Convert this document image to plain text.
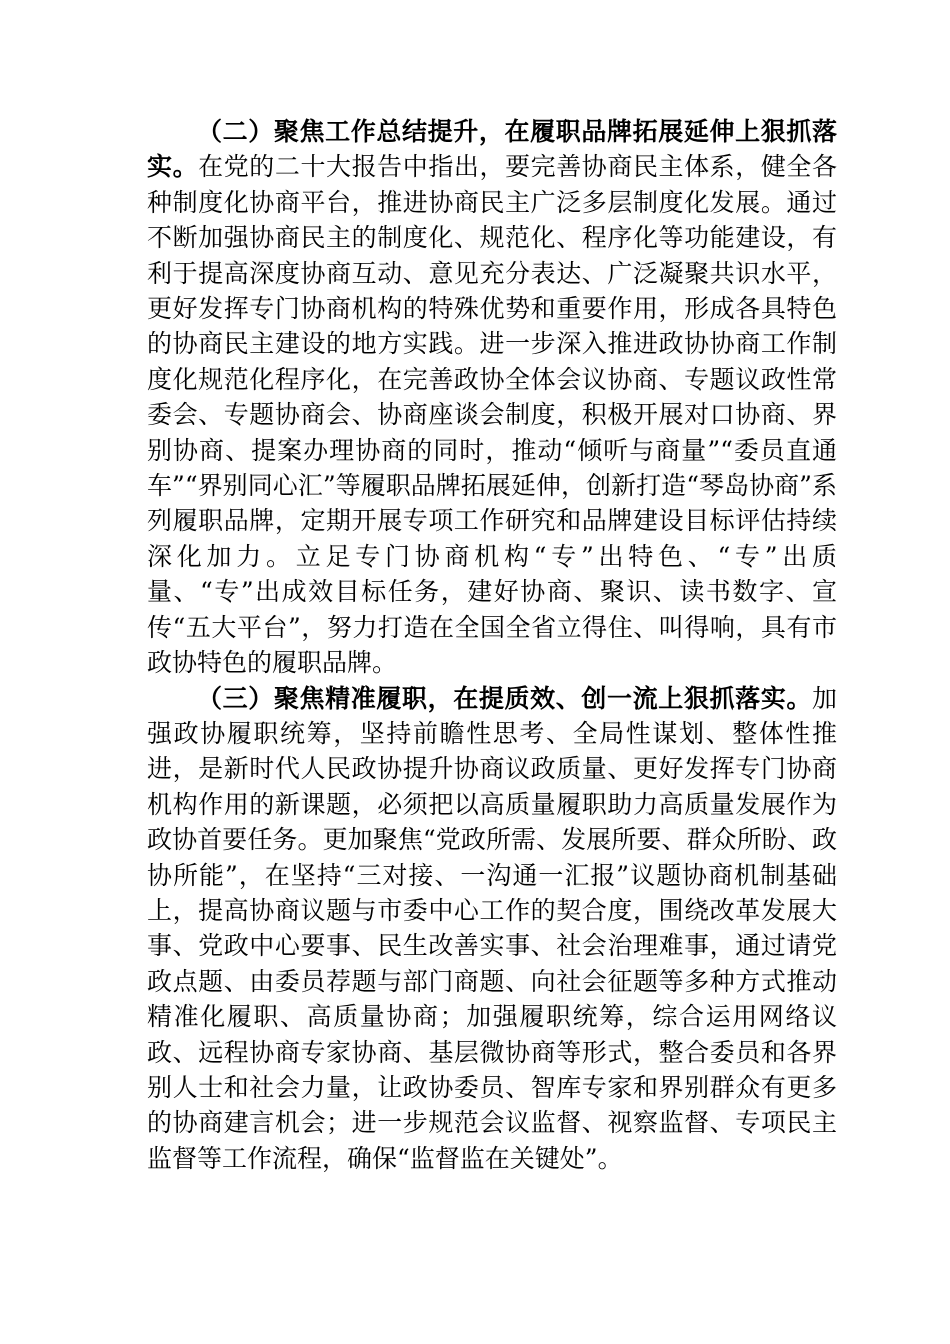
（二）聚焦工作总结提升，在履职品牌拓展延伸上狠抓落实。在党的二十大报告中指出，要完善协商民主体系，健全各种制度化协商平台，推进协商民主广泛多层制度化发展。通过不断加强协商民主的制度化、规范化、程序化等功能建设，有利于提高深度协商互动、意见充分表达、广泛凝聚共识水平，更好发挥专门协商机构的特殊优势和重要作用，形成各具特色的协商民主建设的地方实践。进一步深入推进政协协商工作制度化规范化程序化，在完善政协全体会议协商、专题议政性常委会、专题协商会、协商座谈会制度，积极开展对口协商、界别协商、提案办理协商的同时，推动“倾听与商量”“委员直通车”“界别同心汇”等履职品牌拓展延伸，创新打造“琴岛协商”系列履职品牌，定期开展专项工作研究和品牌建设目标评估持续深化加力。立足专门协商机构“专”出特色、“专”出质量、“专”出成效目标任务，建好协商、聚识、读书数字、宣传“五大平台”，努力打造在全国全省立得住、叫得响，具有市政协特色的履职品牌。

（三）聚焦精准履职，在提质效、创一流上狠抓落实。加强政协履职统筹，坚持前瞻性思考、全局性谋划、整体性推进，是新时代人民政协提升协商议政质量、更好发挥专门协商机构作用的新课题，必须把以高质量履职助力高质量发展作为政协首要任务。更加聚焦“党政所需、发展所要、群众所盼、政协所能”，在坚持“三对接、一沟通一汇报”议题协商机制基础上，提高协商议题与市委中心工作的契合度，围绕改革发展大事、党政中心要事、民生改善实事、社会治理难事，通过请党政点题、由委员荐题与部门商题、向社会征题等多种方式推动精准化履职、高质量协商；加强履职统筹，综合运用网络议政、远程协商专家协商、基层微协商等形式，整合委员和各界别人士和社会力量，让政协委员、智库专家和界别群众有更多的协商建言机会；进一步规范会议监督、视察监督、专项民主监督等工作流程，确保“监督监在关键处”。
